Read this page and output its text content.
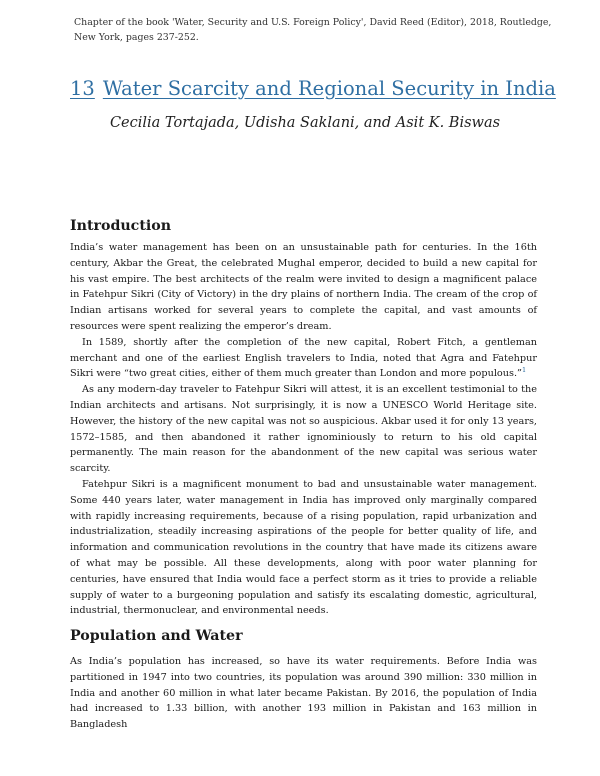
Chapter of the book 'Water, Security and U.S. Foreign Policy', David Reed (Editor), 2018, Routledge, New York, pages 237-252.
13 Water Scarcity and Regional Security in India
Cecilia Tortajada, Udisha Saklani, and Asit K. Biswas
Introduction

India’s water management has been on an unsustainable path for centuries. In the 16th century, Akbar the Great, the celebrated Mughal emperor, decided to build a new capital for his vast empire. The best architects of the realm were invited to design a magnificent palace in Fatehpur Sikri (City of Victory) in the dry plains of northern India. The cream of the crop of Indian artisans worked for several years to complete the capital, and vast amounts of resources were spent realizing the emperor’s dream.

In 1589, shortly after the completion of the new capital, Robert Fitch, a gentleman merchant and one of the earliest English travelers to India, noted that Agra and Fatehpur Sikri were “two great cities, either of them much greater than London and more populous.”$^1$

As any modern-day traveler to Fatehpur Sikri will attest, it is an excellent testimonial to the Indian architects and artisans. Not surprisingly, it is now a UNESCO World Heritage site. However, the history of the new capital was not so auspicious. Akbar used it for only 13 years, 1572–1585, and then abandoned it rather ignominiously to return to his old capital permanently. The main reason for the abandonment of the new capital was serious water scarcity.

Fatehpur Sikri is a magnificent monument to bad and unsustainable water management. Some 440 years later, water management in India has improved only marginally compared with rapidly increasing requirements, because of a rising population, rapid urbanization and industrialization, steadily increasing aspirations of the people for better quality of life, and information and communication revolutions in the country that have made its citizens aware of what may be possible. All these developments, along with poor water planning for centuries, have ensured that India would face a perfect storm as it tries to provide a reliable supply of water to a burgeoning population and satisfy its escalating domestic, agricultural, industrial, thermonuclear, and environmental needs.

Population and Water

As India’s population has increased, so have its water requirements. Before India was partitioned in 1947 into two countries, its population was around 390 million: 330 million in India and another 60 million in what later became Pakistan. By 2016, the population of India had increased to 1.33 billion, with another 193 million in Pakistan and 163 million in Bangladesh
